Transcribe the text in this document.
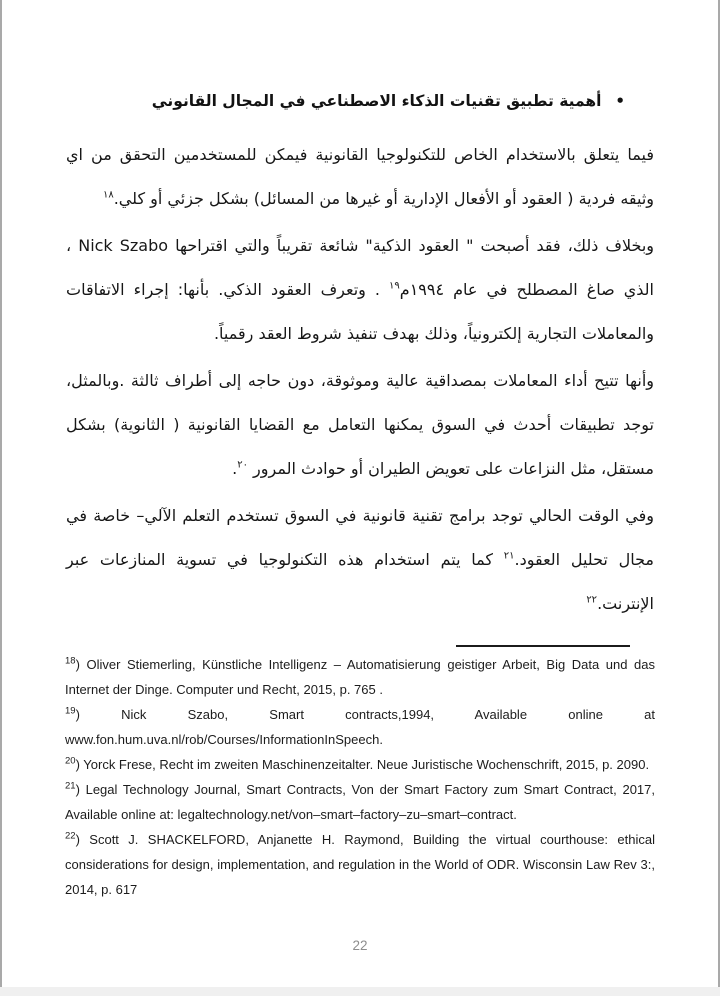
•أهمية تطبيق تقنيات الذكاء الاصطناعي في المجال القانوني

فيما يتعلق بالاستخدام الخاص للتكنولوجيا القانونية فيمكن للمستخدمين التحقق من اي وثيقه فردية ( العقود أو الأفعال الإدارية أو غيرها من المسائل) بشكل جزئي أو كلي.$^{١٨}$

وبخلاف ذلك، فقد أصبحت " العقود الذكية" شائعة تقريباً والتي اقتراحها Nick Szabo ، الذي صاغ المصطلح في عام ١٩٩٤م$^{١٩}$ . وتعرف العقود الذكي. بأنها: إجراء الاتفاقات والمعاملات التجارية إلكترونياً، وذلك بهدف تنفيذ شروط العقد رقمياً.

وأنها تتيح أداء المعاملات بمصداقية عالية وموثوقة، دون حاجه إلى أطراف ثالثة .وبالمثل، توجد تطبيقات أحدث في السوق يمكنها التعامل مع القضايا القانونية ( الثانوية) بشكل مستقل، مثل النزاعات على تعويض الطيران أو حوادث المرور $^{٢٠}$.

وفي الوقت الحالي توجد برامج تقنية قانونية في السوق تستخدم التعلم الآلي– خاصة في مجال تحليل العقود.$^{٢١}$ كما يتم استخدام هذه التكنولوجيا في تسوية المنازعات عبر الإنترنت.$^{٢٢}$

$^{18}$) Oliver Stiemerling, Künstliche Intelligenz – Automatisierung geistiger Arbeit, Big Data und das Internet der Dinge. Computer und Recht, 2015, p. 765 .

$^{19}$) Nick Szabo, Smart contracts,1994, Available online at www.fon.hum.uva.nl/rob/Courses/InformationInSpeech.

$^{20}$) Yorck Frese, Recht im zweiten Maschinenzeitalter. Neue Juristische Wochenschrift, 2015, p. 2090.

$^{21}$) Legal Technology Journal, Smart Contracts, Von der Smart Factory zum Smart Contract, 2017, Available online at: legaltechnology.net/von–smart–factory–zu–smart–contract.

$^{22}$) Scott J. SHACKELFORD, Anjanette H. Raymond, Building the virtual courthouse: ethical considerations for design, implementation, and regulation in the World of ODR. Wisconsin Law Rev 3:, 2014, p. 617

22
